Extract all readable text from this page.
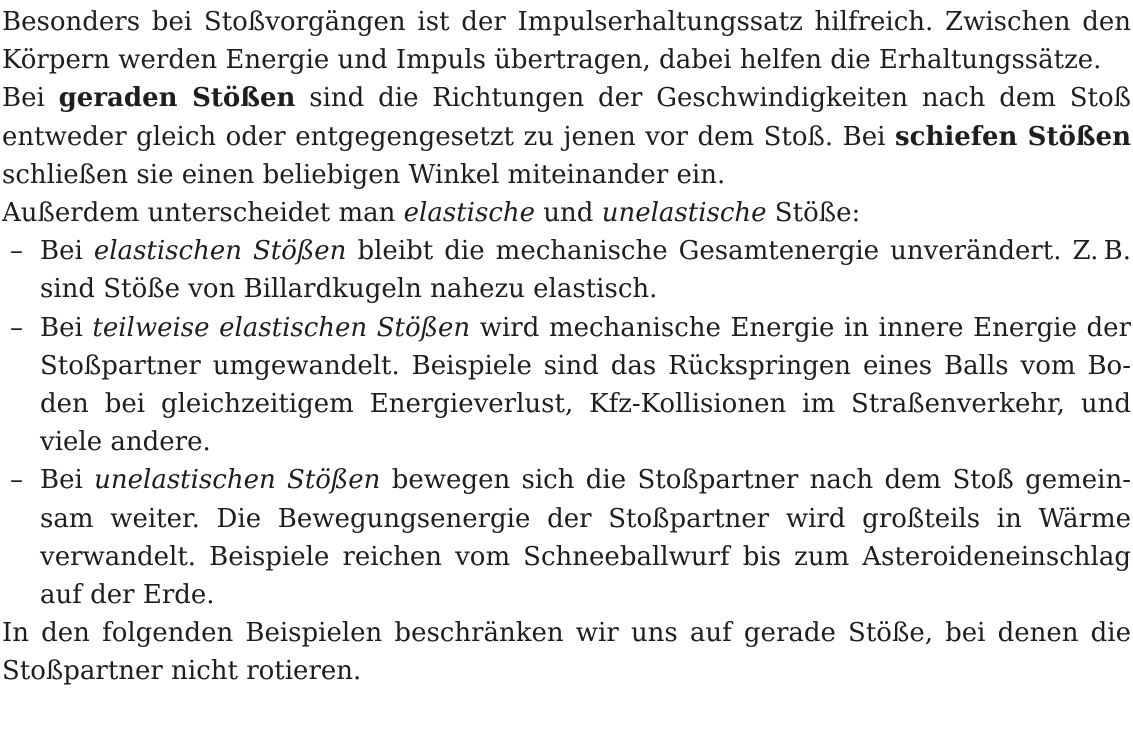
Besonders bei Stoßvorgängen ist der Impulserhaltungssatz hilfreich. Zwischen den Körpern werden Energie und Impuls übertragen, dabei helfen die Erhaltungssätze.
Bei geraden Stößen sind die Richtungen der Geschwindigkeiten nach dem Stoß entweder gleich oder entgegengesetzt zu jenen vor dem Stoß. Bei schiefen Stößen schließen sie einen beliebigen Winkel miteinander ein.
Außerdem unterscheidet man elastische und unelastische Stöße:
– Bei elastischen Stößen bleibt die mechanische Gesamtenergie unverändert. Z. B. sind Stöße von Billardkugeln nahezu elastisch.
– Bei teilweise elastischen Stößen wird mechanische Energie in innere Energie der Stoßpartner umgewandelt. Beispiele sind das Rückspringen eines Balls vom Boden bei gleichzeitigem Energieverlust, Kfz-Kollisionen im Straßenverkehr, und viele andere.
– Bei unelastischen Stößen bewegen sich die Stoßpartner nach dem Stoß gemeinsam weiter. Die Bewegungsenergie der Stoßpartner wird großteils in Wärme verwandelt. Beispiele reichen vom Schneeballwurf bis zum Asteroideneinschlag auf der Erde.
In den folgenden Beispielen beschränken wir uns auf gerade Stöße, bei denen die Stoßpartner nicht rotieren.
